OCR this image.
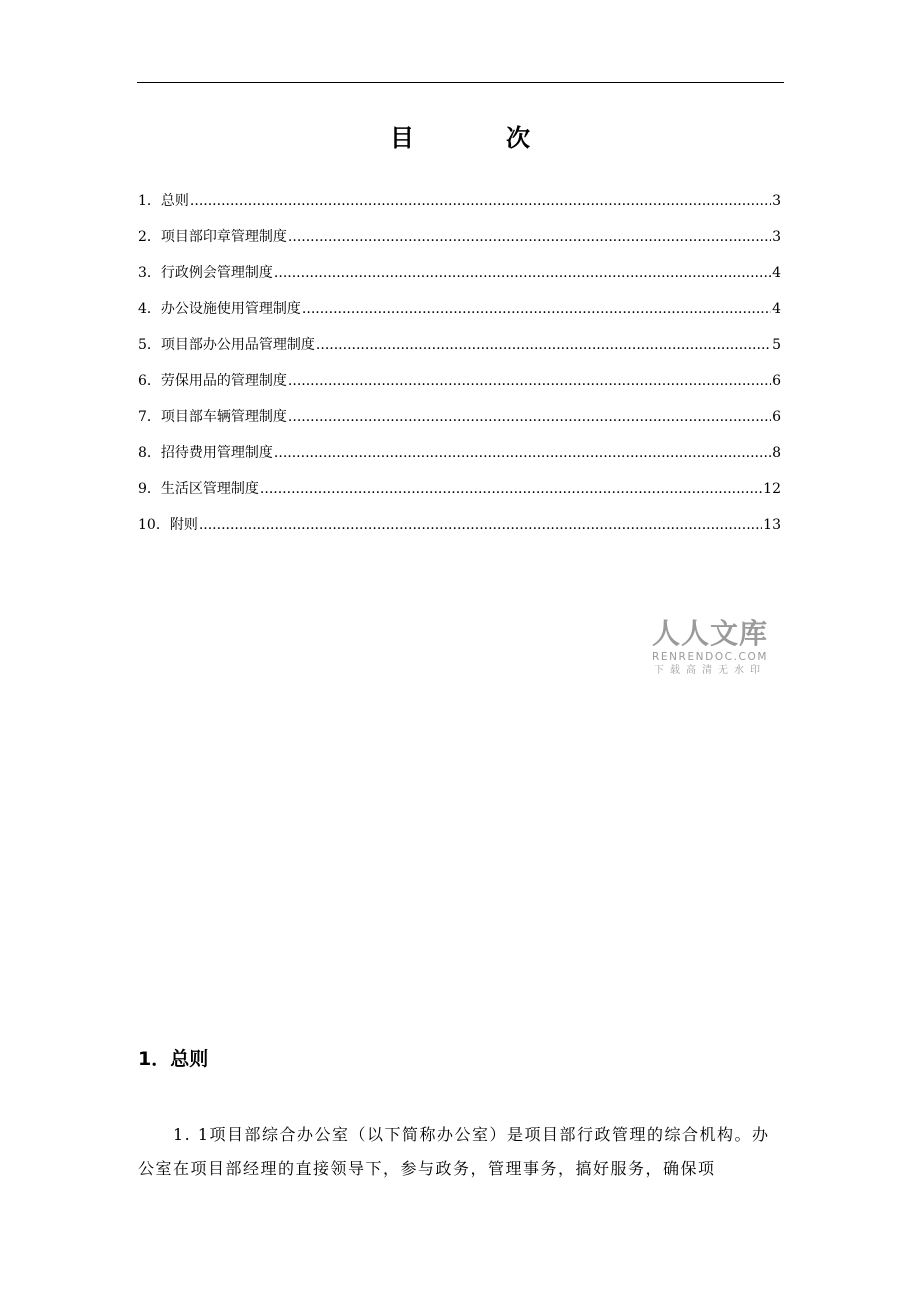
目　次
1． 总则 .....	3
2． 项目部印章管理制度 .....	3
3． 行政例会管理制度 .....	4
4． 办公设施使用管理制度 .....	4
5． 项目部办公用品管理制度 .....	5
6． 劳保用品的管理制度 .....	6
7． 项目部车辆管理制度 .....	6
8． 招待费用管理制度 .....	8
9． 生活区管理制度 .....	12
10． 附则 .....	13
人人文库
RENRENDOC.COM
下载高清无水印
1．总则

　　1. 1项目部综合办公室（以下简称办公室）是项目部行政管理的综合机构。办公室在项目部经理的直接领导下，参与政务，管理事务，搞好服务，确保项
